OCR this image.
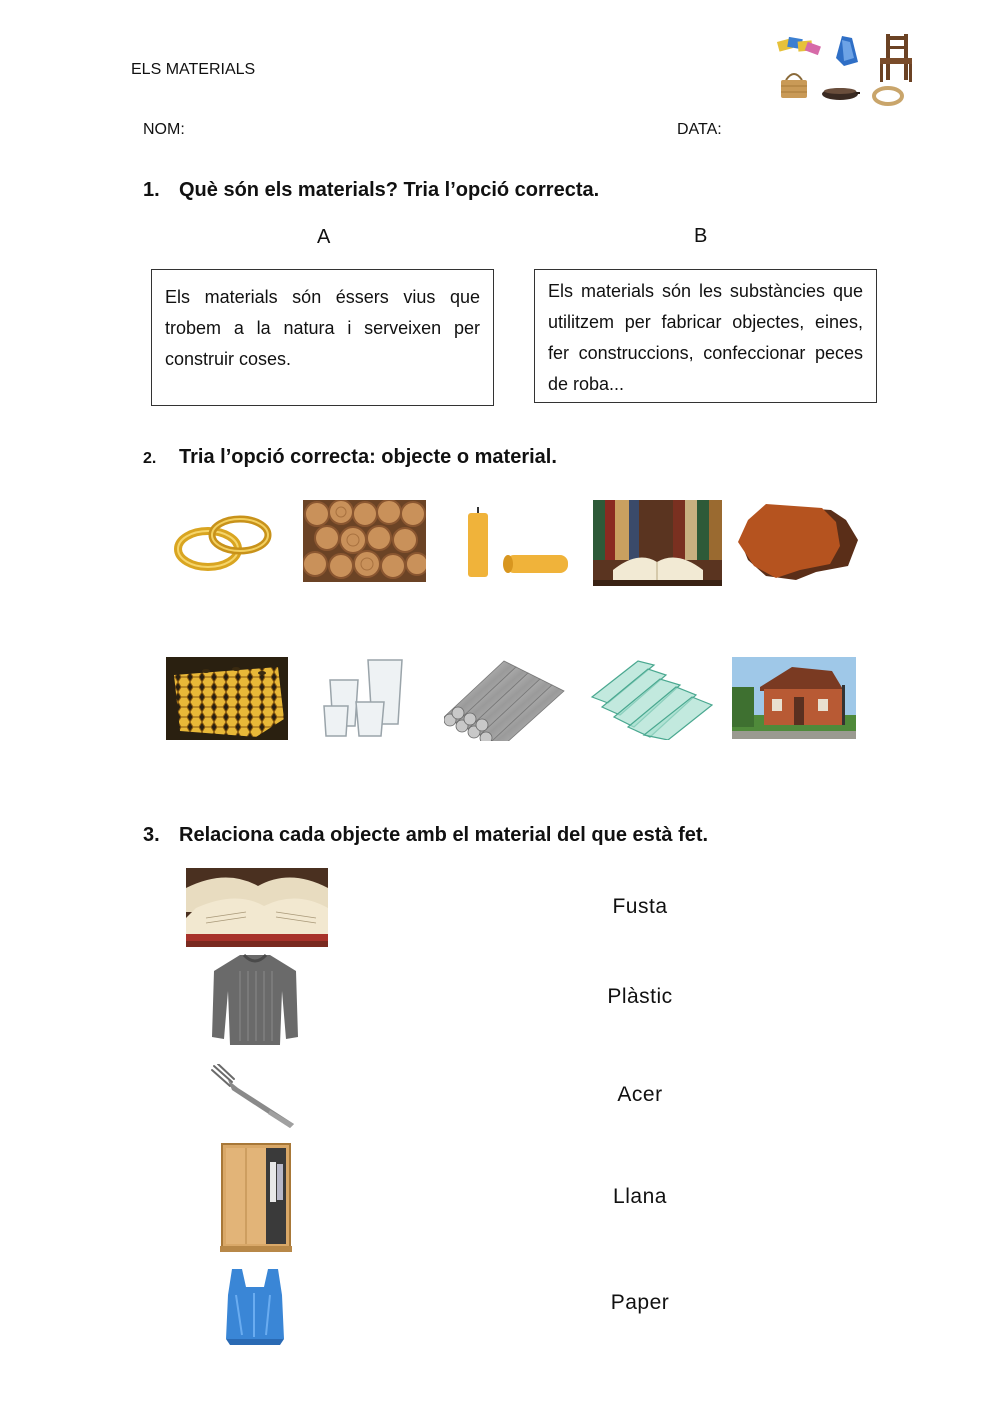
ELS MATERIALS
NOM:	DATA:
1. Què són els materials? Tria l’opció correcta.
A	B
Els materials són éssers vius que trobem a la natura i serveixen per construir coses.
Els materials són les substàncies que utilitzem per fabricar objectes, eines, fer construccions, confeccionar peces de roba...
2. Tria l’opció correcta: objecte o material.
3. Relaciona cada objecte amb el material del que està fet.
Fusta
Plàstic
Acer
Llana
Paper
